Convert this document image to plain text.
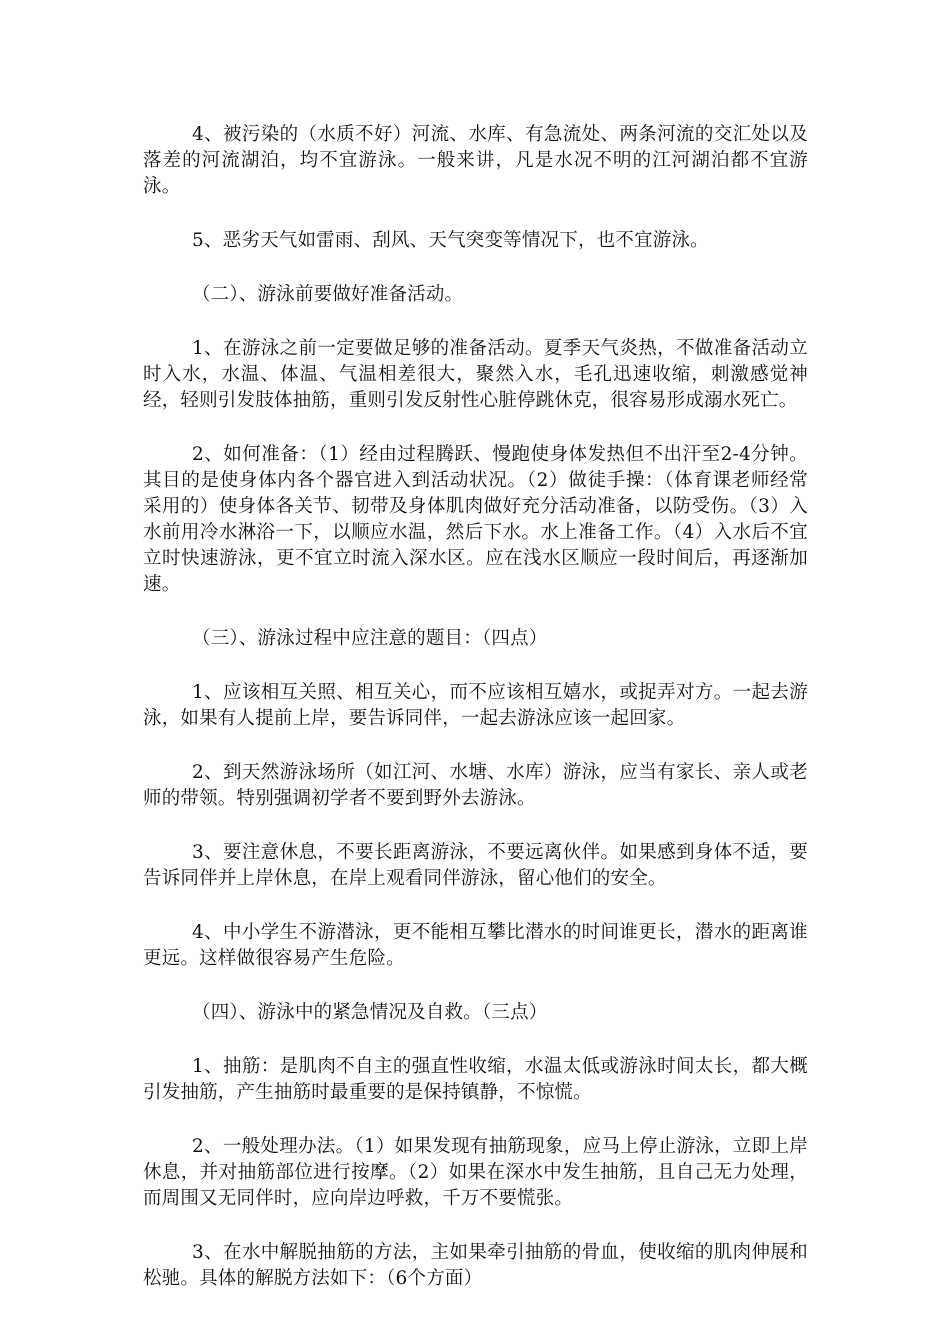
4、被污染的（水质不好）河流、水库、有急流处、两条河流的交汇处以及落差的河流湖泊，均不宜游泳。一般来讲，凡是水况不明的江河湖泊都不宜游泳。

5、恶劣天气如雷雨、刮风、天气突变等情况下，也不宜游泳。

（二）、游泳前要做好准备活动。

1、在游泳之前一定要做足够的准备活动。夏季天气炎热，不做准备活动立时入水，水温、体温、气温相差很大，聚然入水，毛孔迅速收缩，刺激感觉神经，轻则引发肢体抽筋，重则引发反射性心脏停跳休克，很容易形成溺水死亡。

2、如何准备：（1）经由过程腾跃、慢跑使身体发热但不出汗至2-4分钟。其目的是使身体内各个器官进入到活动状况。（2）做徒手操：（体育课老师经常采用的）使身体各关节、韧带及身体肌肉做好充分活动准备，以防受伤。（3）入水前用冷水淋浴一下，以顺应水温，然后下水。水上准备工作。（4）入水后不宜立时快速游泳，更不宜立时流入深水区。应在浅水区顺应一段时间后，再逐渐加速。

（三）、游泳过程中应注意的题目：（四点）

1、应该相互关照、相互关心，而不应该相互嬉水，或捉弄对方。一起去游泳，如果有人提前上岸，要告诉同伴，一起去游泳应该一起回家。

2、到天然游泳场所（如江河、水塘、水库）游泳，应当有家长、亲人或老师的带领。特别强调初学者不要到野外去游泳。

3、要注意休息，不要长距离游泳，不要远离伙伴。如果感到身体不适，要告诉同伴并上岸休息，在岸上观看同伴游泳，留心他们的安全。

4、中小学生不游潜泳，更不能相互攀比潜水的时间谁更长，潜水的距离谁更远。这样做很容易产生危险。

（四）、游泳中的紧急情况及自救。（三点）

1、抽筋：是肌肉不自主的强直性收缩，水温太低或游泳时间太长，都大概引发抽筋，产生抽筋时最重要的是保持镇静，不惊慌。

2、一般处理办法。（1）如果发现有抽筋现象，应马上停止游泳，立即上岸休息，并对抽筋部位进行按摩。（2）如果在深水中发生抽筋，且自己无力处理，而周围又无同伴时，应向岸边呼救，千万不要慌张。

3、在水中解脱抽筋的方法，主如果牵引抽筋的骨血，使收缩的肌肉伸展和松驰。具体的解脱方法如下：（6个方面）
